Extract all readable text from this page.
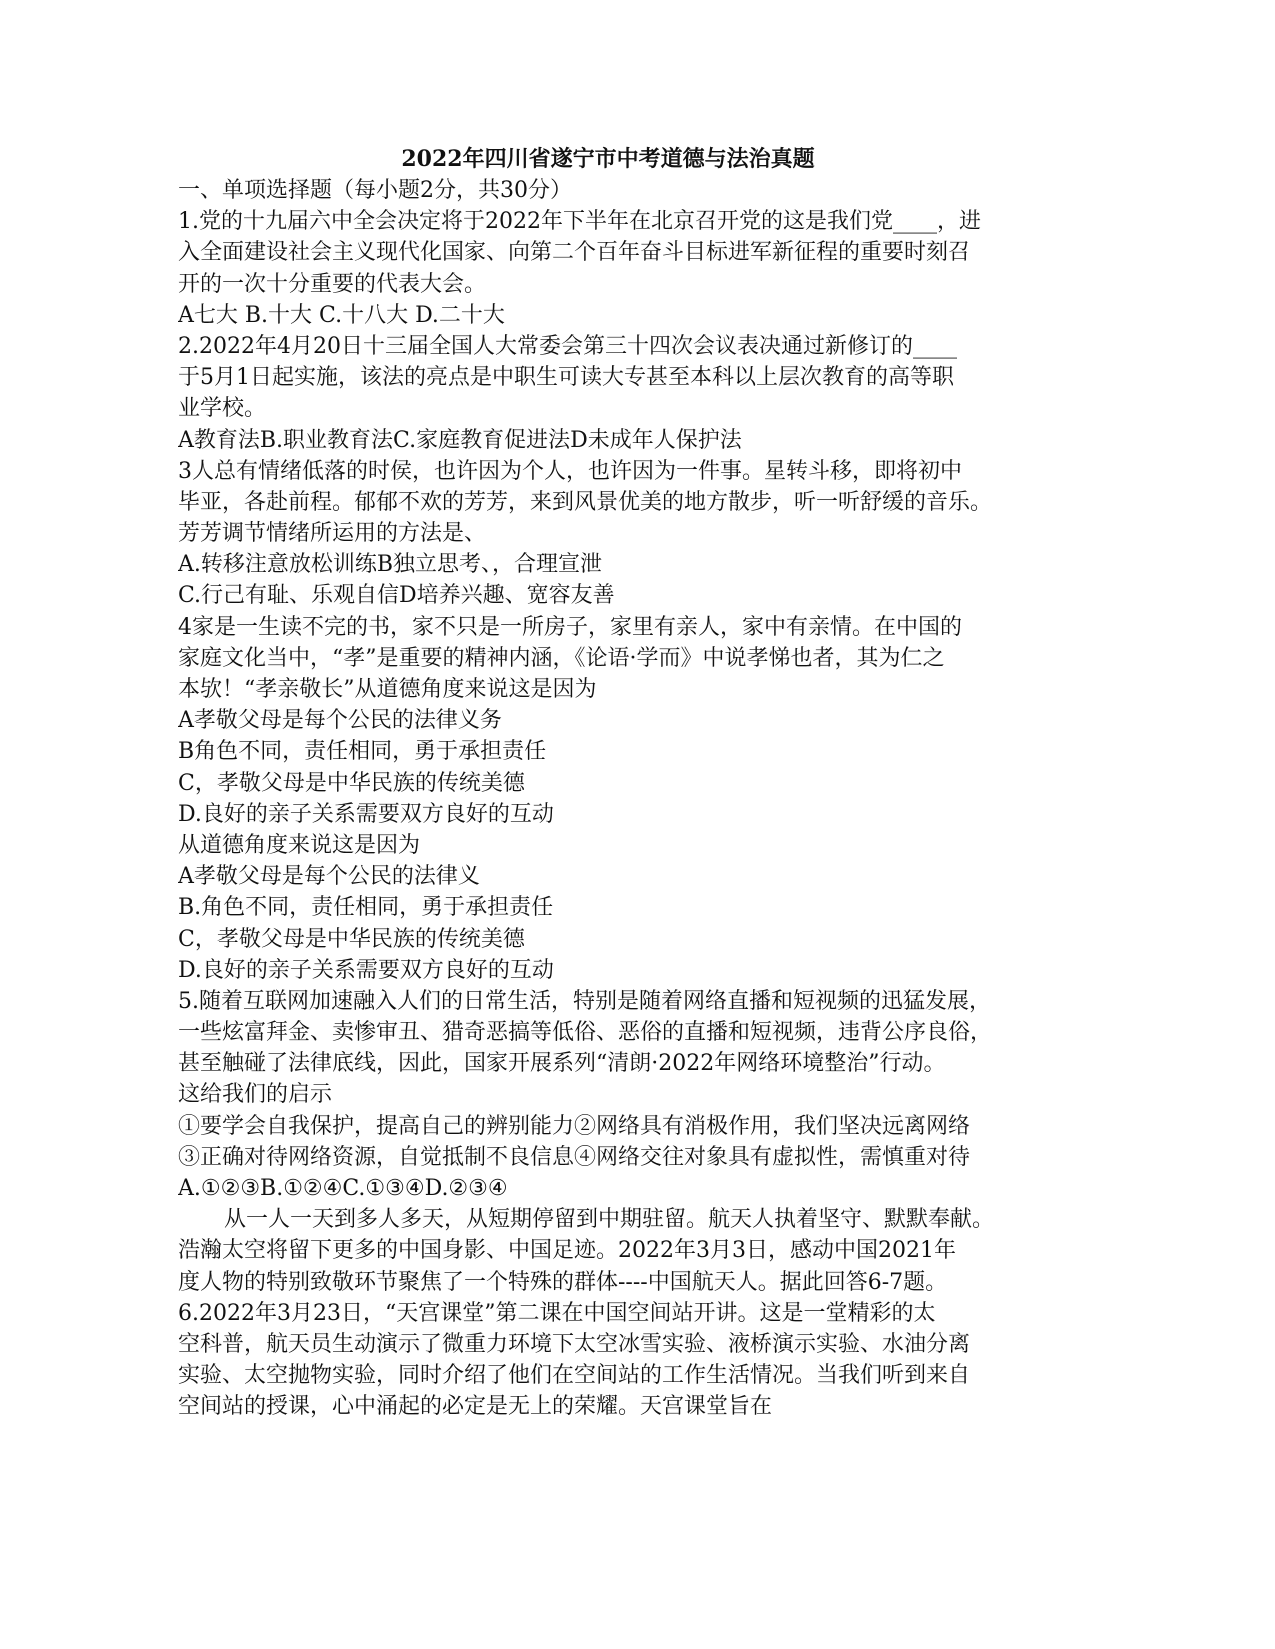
2022年四川省遂宁市中考道德与法治真题
一、单项选择题（每小题2分，共30分）
1.党的十九届六中全会决定将于2022年下半年在北京召开党的这是我们党____，进
入全面建设社会主义现代化国家、向第二个百年奋斗目标进军新征程的重要时刻召
开的一次十分重要的代表大会。
A七大 B.十大 C.十八大 D.二十大
2.2022年4月20日十三届全国人大常委会第三十四次会议表决通过新修订的____
于5月1日起实施，该法的亮点是中职生可读大专甚至本科以上层次教育的高等职
业学校。
A教育法B.职业教育法C.家庭教育促进法D未成年人保护法
3人总有情绪低落的时侯，也许因为个人，也许因为一件事。星转斗移，即将初中
毕亚，各赴前程。郁郁不欢的芳芳，来到风景优美的地方散步，听一听舒缓的音乐。
芳芳调节情绪所运用的方法是、
A.转移注意放松训练B独立思考、，合理宣泄
C.行己有耻、乐观自信D培养兴趣、宽容友善
4家是一生读不完的书，家不只是一所房子，家里有亲人，家中有亲情。在中国的
家庭文化当中，“孝”是重要的精神内涵，《论语·学而》中说孝悌也者，其为仁之
本欤！“孝亲敬长”从道德角度来说这是因为
A孝敬父母是每个公民的法律义务
B角色不同，责任相同，勇于承担责任
C，孝敬父母是中华民族的传统美德
D.良好的亲子关系需要双方良好的互动
从道德角度来说这是因为
A孝敬父母是每个公民的法律义
B.角色不同，责任相同，勇于承担责任
C，孝敬父母是中华民族的传统美德
D.良好的亲子关系需要双方良好的互动
5.随着互联网加速融入人们的日常生活，特别是随着网络直播和短视频的迅猛发展，
一些炫富拜金、卖惨审丑、猎奇恶搞等低俗、恶俗的直播和短视频，违背公序良俗，
甚至触碰了法律底线，因此，国家开展系列“清朗·2022年网络环境整治”行动。
这给我们的启示
①要学会自我保护，提高自己的辨别能力②网络具有消极作用，我们坚决远离网络
③正确对待网络资源，自觉抵制不良信息④网络交往对象具有虚拟性，需慎重对待
A.①②③B.①②④C.①③④D.②③④
从一人一天到多人多天，从短期停留到中期驻留。航天人执着坚守、默默奉献。
浩瀚太空将留下更多的中国身影、中国足迹。2022年3月3日，感动中国2021年
度人物的特别致敬环节聚焦了一个特殊的群体----中国航天人。据此回答6-7题。
6.2022年3月23日，“天宫课堂”第二课在中国空间站开讲。这是一堂精彩的太
空科普，航天员生动演示了微重力环境下太空冰雪实验、液桥演示实验、水油分离
实验、太空抛物实验，同时介绍了他们在空间站的工作生活情况。当我们听到来自
空间站的授课，心中涌起的必定是无上的荣耀。天宫课堂旨在
